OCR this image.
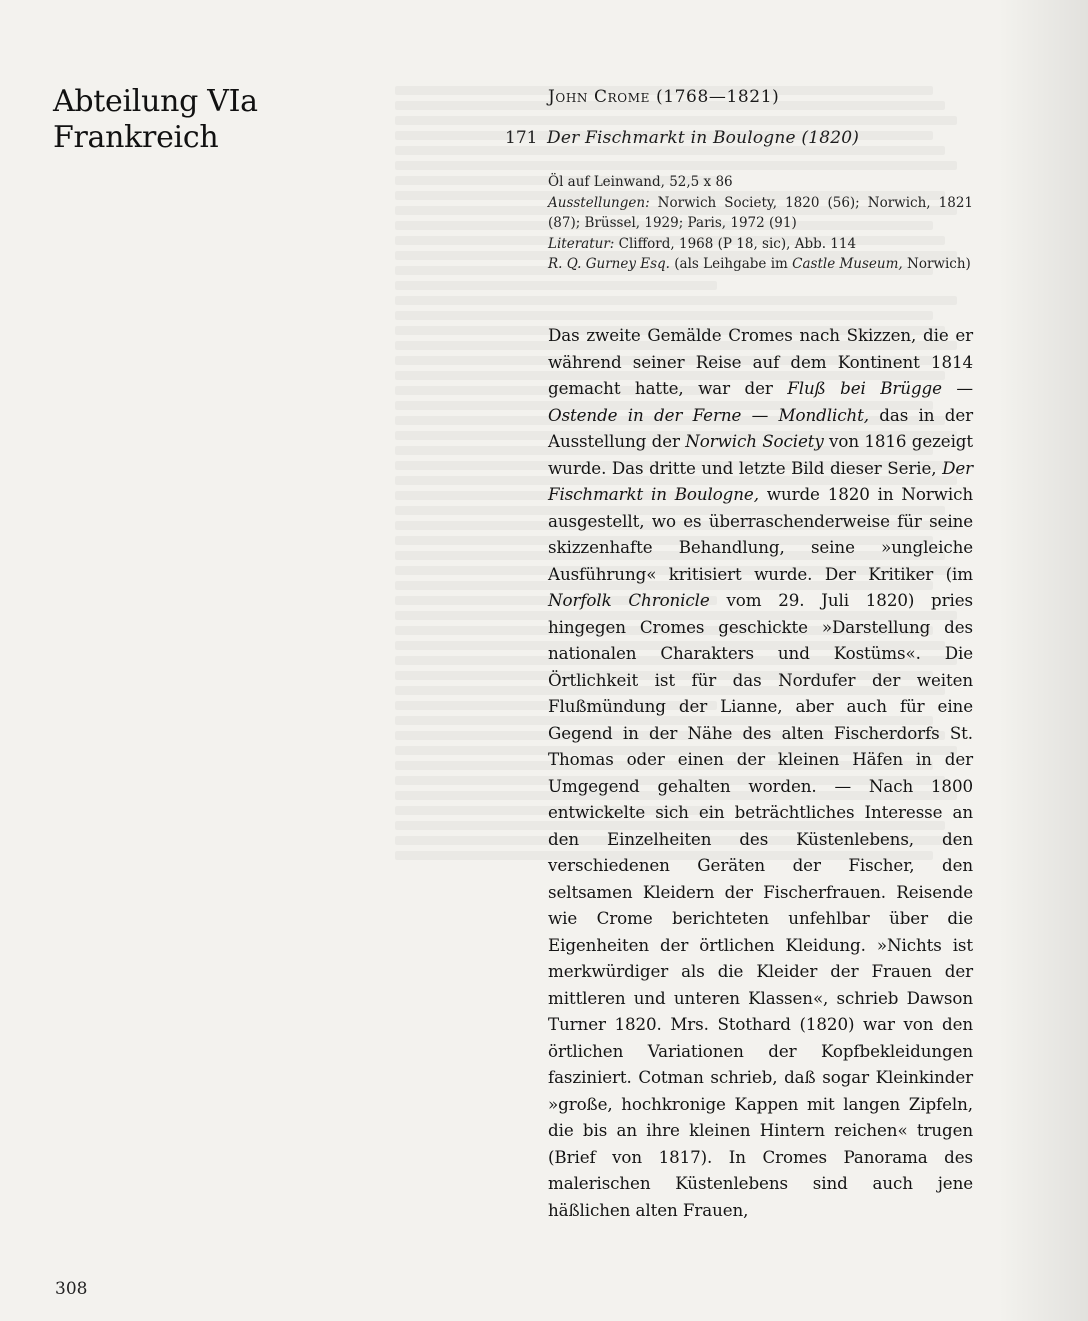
Abteilung VIa
Frankreich
John Crome (1768—1821)
171 Der Fischmarkt in Boulogne (1820)

Öl auf Leinwand, 52,5 x 86

Ausstellungen: Norwich Society, 1820 (56); Norwich, 1821 (87); Brüssel, 1929; Paris, 1972 (91)

Literatur: Clifford, 1968 (P 18, sic), Abb. 114

R. Q. Gurney Esq. (als Leihgabe im Castle Museum, Norwich)

Das zweite Gemälde Cromes nach Skizzen, die er während seiner Reise auf dem Kontinent 1814 gemacht hatte, war der Fluß bei Brügge — Ostende in der Ferne — Mondlicht, das in der Ausstellung der Norwich Society von 1816 gezeigt wurde. Das dritte und letzte Bild dieser Serie, Der Fischmarkt in Boulogne, wurde 1820 in Norwich ausgestellt, wo es überraschenderweise für seine skizzenhafte Behandlung, seine »ungleiche Ausführung« kritisiert wurde. Der Kritiker (im Norfolk Chronicle vom 29. Juli 1820) pries hingegen Cromes geschickte »Darstellung des nationalen Charakters und Kostüms«. Die Örtlichkeit ist für das Nordufer der weiten Flußmündung der Lianne, aber auch für eine Gegend in der Nähe des alten Fischerdorfs St. Thomas oder einen der kleinen Häfen in der Umgegend gehalten worden. — Nach 1800 entwickelte sich ein beträchtliches Interesse an den Einzelheiten des Küstenlebens, den verschiedenen Geräten der Fischer, den seltsamen Kleidern der Fischerfrauen. Reisende wie Crome berichteten unfehlbar über die Eigenheiten der örtlichen Kleidung. »Nichts ist merkwürdiger als die Kleider der Frauen der mittleren und unteren Klassen«, schrieb Dawson Turner 1820. Mrs. Stothard (1820) war von den örtlichen Variationen der Kopfbekleidungen fasziniert. Cotman schrieb, daß sogar Kleinkinder »große, hochkronige Kappen mit langen Zipfeln, die bis an ihre kleinen Hintern reichen« trugen (Brief von 1817). In Cromes Panorama des malerischen Küstenlebens sind auch jene häßlichen alten Frauen,

308
